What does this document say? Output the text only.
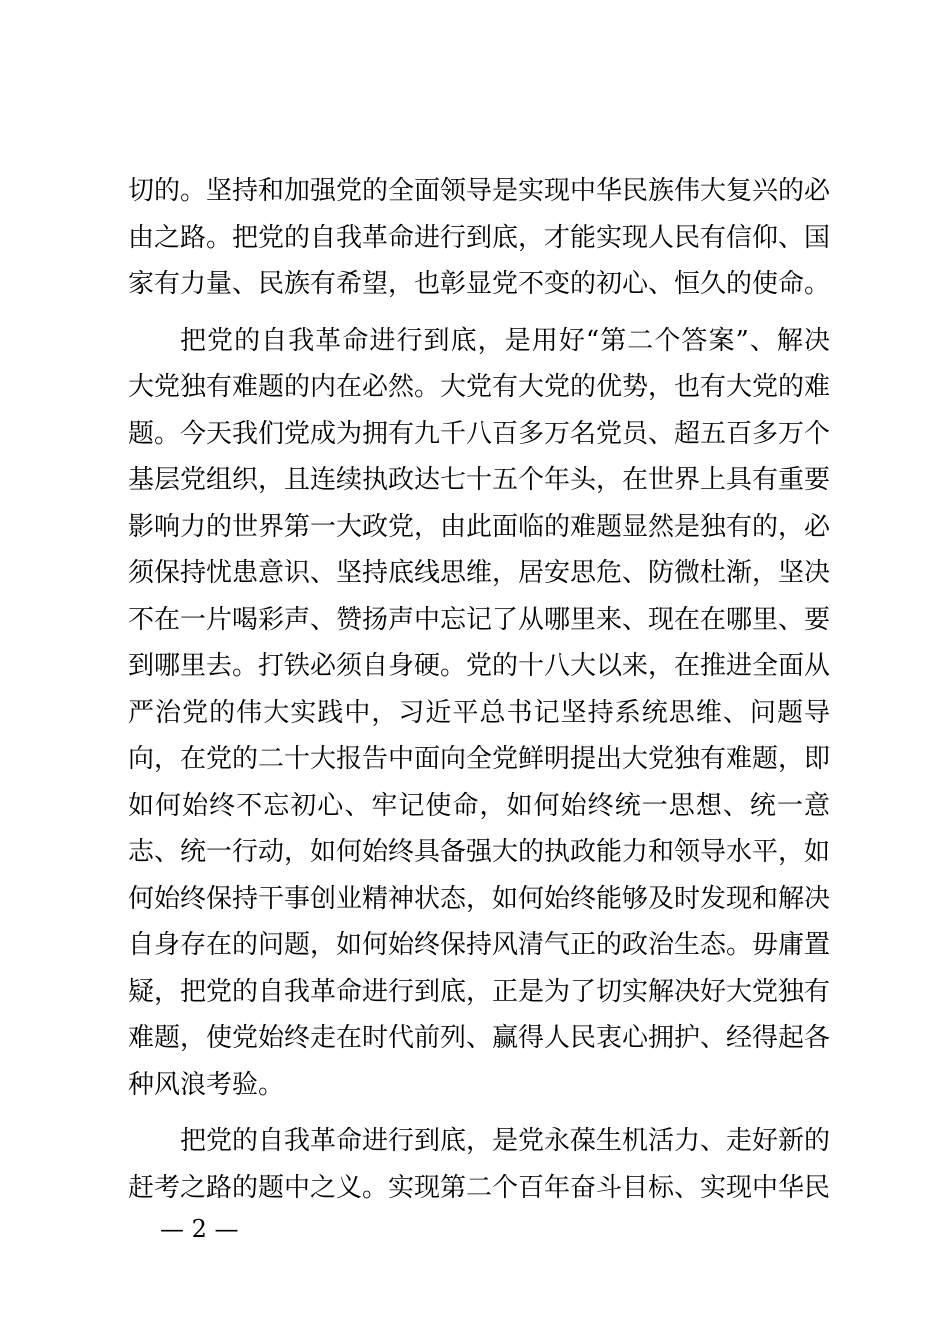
切的。坚持和加强党的全面领导是实现中华民族伟大复兴的必
由之路。把党的自我革命进行到底，才能实现人民有信仰、国
家有力量、民族有希望，也彰显党不变的初心、恒久的使命。
把党的自我革命进行到底，是用好“第二个答案”、解决
大党独有难题的内在必然。大党有大党的优势，也有大党的难
题。今天我们党成为拥有九千八百多万名党员、超五百多万个
基层党组织，且连续执政达七十五个年头，在世界上具有重要
影响力的世界第一大政党，由此面临的难题显然是独有的，必
须保持忧患意识、坚持底线思维，居安思危、防微杜渐，坚决
不在一片喝彩声、赞扬声中忘记了从哪里来、现在在哪里、要
到哪里去。打铁必须自身硬。党的十八大以来，在推进全面从
严治党的伟大实践中，习近平总书记坚持系统思维、问题导
向，在党的二十大报告中面向全党鲜明提出大党独有难题，即
如何始终不忘初心、牢记使命，如何始终统一思想、统一意
志、统一行动，如何始终具备强大的执政能力和领导水平，如
何始终保持干事创业精神状态，如何始终能够及时发现和解决
自身存在的问题，如何始终保持风清气正的政治生态。毋庸置
疑，把党的自我革命进行到底，正是为了切实解决好大党独有
难题，使党始终走在时代前列、赢得人民衷心拥护、经得起各
种风浪考验。
把党的自我革命进行到底，是党永葆生机活力、走好新的
赶考之路的题中之义。实现第二个百年奋斗目标、实现中华民
— 2 —
